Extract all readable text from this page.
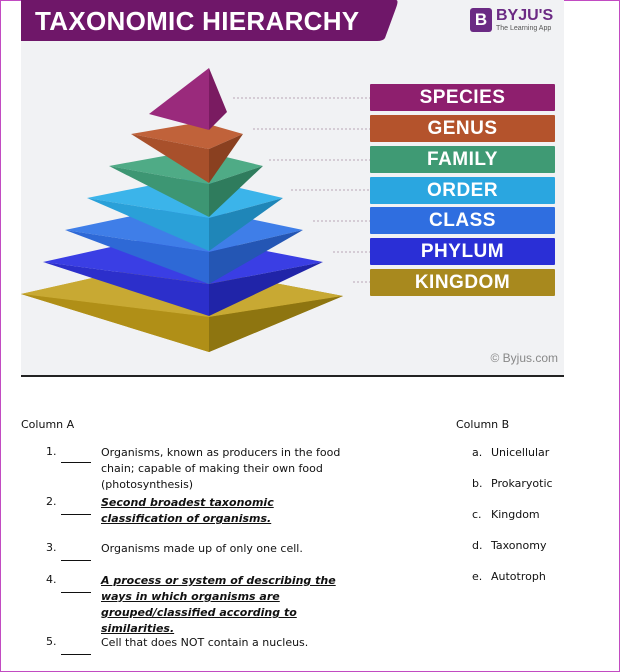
TAXONOMIC HIERARCHY	B BYJU'S
The Learning App
SPECIES
GENUS
FAMILY
ORDER
CLASS
PHYLUM
KINGDOM
© Byjus.com
Column A	Column B
1.	Organisms, known as producers in the food chain; capable of making their own food (photosynthesis)
2.	Second broadest taxonomic classification of organisms.
3.	Organisms made up of only one cell.
4.	A process or system of describing the ways in which organisms are grouped/classified according to similarities.
5.	Cell that does NOT contain a nucleus.
a. Unicellular
b. Prokaryotic
c. Kingdom
d. Taxonomy
e. Autotroph
